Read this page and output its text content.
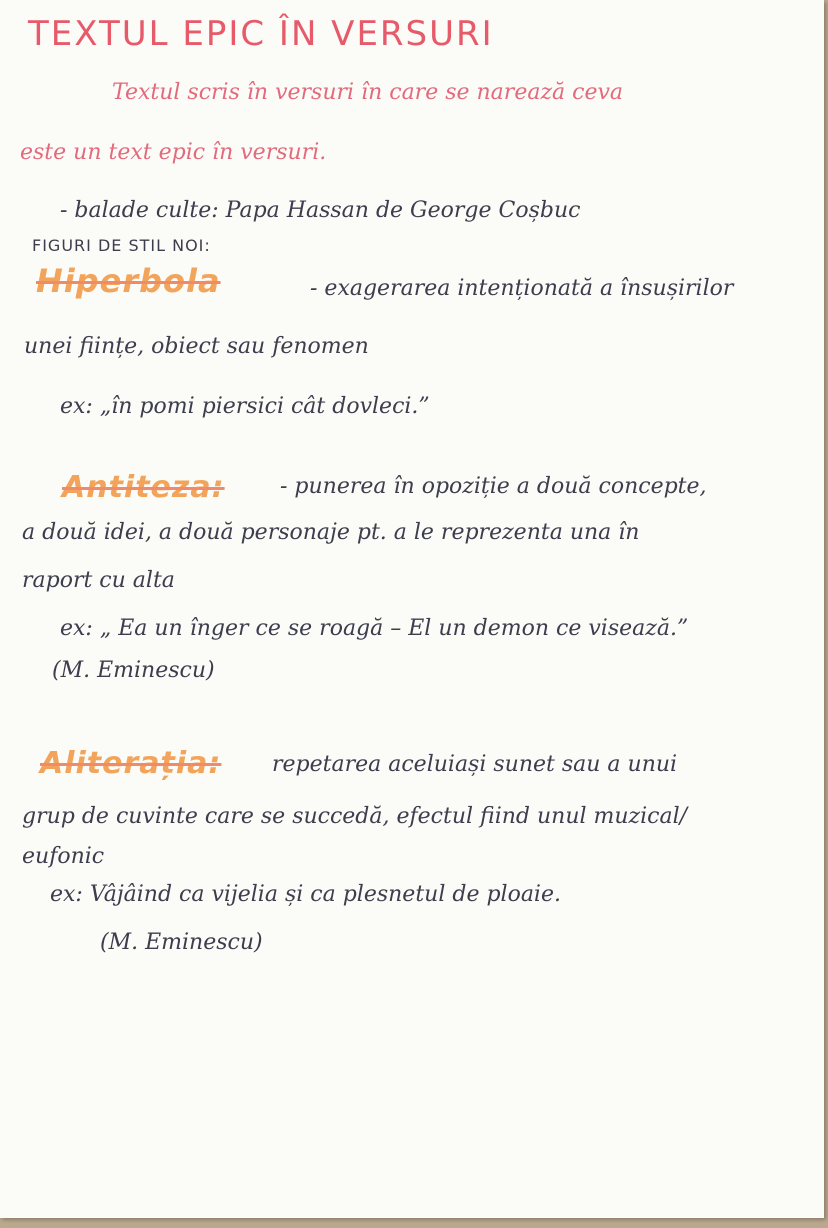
TEXTUL EPIC ÎN VERSURI

Textul scris în versuri în care se narează ceva

este un text epic în versuri.

- balade culte: Papa Hassan de George Coșbuc

FIGURI DE STIL NOI:

Hiperbola	- exagerarea intenționată a însușirilor

unei ființe, obiect sau fenomen

ex: „în pomi piersici cât dovleci.”

Antiteza:	- punerea în opoziție a două concepte,

a două idei, a două personaje pt. a le reprezenta una în

raport cu alta

ex: „ Ea un înger ce se roagă – El un demon ce visează.”

(M. Eminescu)

Aliterația: repetarea aceluiași sunet sau a unui

grup de cuvinte care se succedă, efectul fiind unul muzical/

eufonic

ex: Vâjâind ca vijelia și ca plesnetul de ploaie.

(M. Eminescu)
